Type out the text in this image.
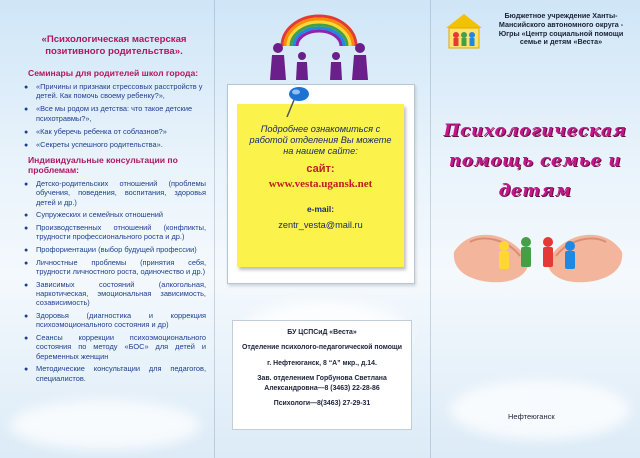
«Психологическая мастерская позитивного родительства».
Семинары для родителей школ города:
● «Причины и признаки стрессовых расстройств у детей. Как помочь своему ребенку?»,
● «Все мы родом из детства: что такое детские психотравмы?»,
● «Как уберечь ребенка от соблазнов?»
● «Секреты успешного родительства».
Индивидуальные консультации по проблемам:
● Детско-родительских отношений (проблемы обучения, поведения, воспитания, здоровья детей и др.)
● Супружеских и семейных отношений
● Производственных отношений (конфликты, трудности профессионального роста и др.)
● Профориентации (выбор будущей профессии)
● Личностные проблемы (принятия себя, трудности личностного роста, одиночество и др.)
● Зависимых состояний (алкогольная, наркотическая, эмоциональная зависимость, созависимость)
● Здоровья (диагностика и коррекция психоэмоционального состояния и др)
● Сеансы коррекции психоэмоционального состояния по методу «БОС» для детей и беременных женщин
● Методические консультации для педагогов, специалистов.
Подробнее ознакомиться с работой отделения Вы можете на нашем сайте:
сайт:
www.vesta.ugansk.net
e-mail:
zentr_vesta@mail.ru
БУ ЦСПСиД «Веста»
Отделение психолого-педагогической помощи
г. Нефтеюганск, 8 “А” мкр., д.14.
Зав. отделением Горбунова Светлана Александровна—8 (3463) 22-28-86
Психологи—8(3463) 27-29-31
Бюджетное учреждение Ханты-Мансийского автономного округа - Югры «Центр социальной помощи семье и детям «Веста»
Психологическая помощь семье и детям
Нефтеюганск
